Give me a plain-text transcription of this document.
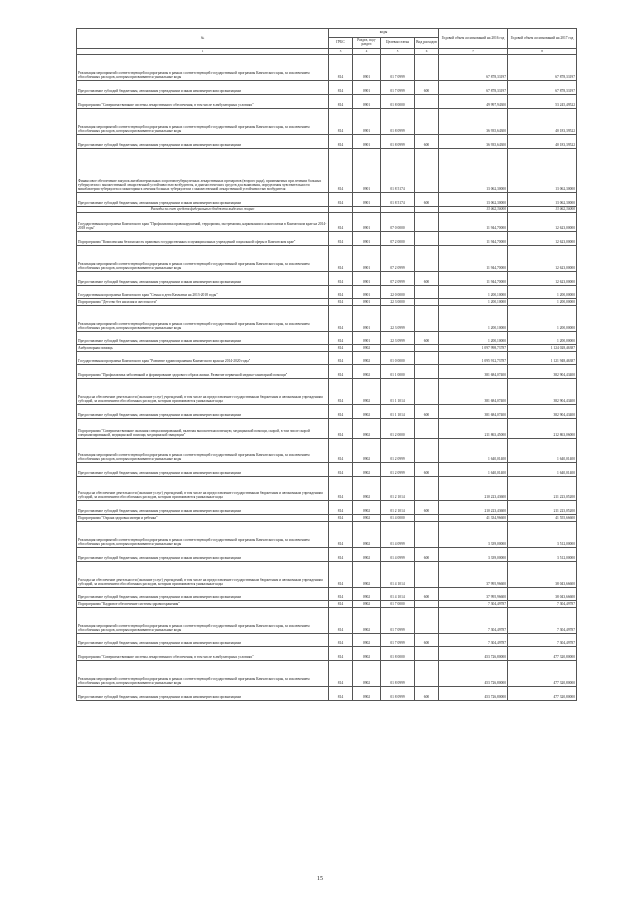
№	коды				Годовой объем ассигнований на 2016 год	Годовой объем ассигнований на 2017 год
	ГРБС	Раздел, под-раздел	Целевая статья	Вид расходов		
1	3	4	5	6	7	8
Реализация мероприятий соответствующей подпрограммы в рамках соответствующей государственной программы Камчатского края, за исключением обособленных расходов, которым присваиваются уникальные коды	814	0901	01 7 0999		67 878,33197	67 878,33197
Предоставление субсидий бюджетным, автономным учреждениям и иным некоммерческим организациям	814	0901	01 7 0999	600	67 878,33197	67 878,33197
Подпрограмма "Совершенствование системы лекарственного обеспечения, в том числе в амбулаторных условиях"	814	0901	01 8 0000		49 997,94300	53 245,49522
Реализация мероприятий соответствующей подпрограммы в рамках соответствующей государственной программы Камчатского края, за исключением обособленных расходов, которым присваиваются уникальные коды	814	0901	01 8 0999		36 935,64300	40 183,39522
Предоставление субсидий бюджетным, автономным учреждениям и иным некоммерческим организациям	814	0901	01 8 0999	600	36 935,64300	40 183,39522
Финансовое обеспечение закупок антибактериальных и противотуберкулезных лекарственных препаратов (второго ряда), применяемых при лечении больных туберкулезом с множественной лекарственной устойчивостью возбудителя, и диагностических средств для выявления, определения чувствительности микобактерии туберкулеза и мониторинга лечения больных туберкулезом с множественной лекарственной устойчивостью возбудителя	814	0901	01 8 5174		13 062,30000	13 062,30000
Предоставление субсидий бюджетным, автономным учреждениям и иным некоммерческим организациям	814	0901	01 8 5174	600	13 062,30000	13 062,30000
Расходы за счет средств федерального бюджета выделено жирно					13 062,30000	13 062,30000
Государственная программа Камчатского края "Профилактика правонарушений, терроризма, экстремизма, наркомании и алкоголизма в Камчатском крае на 2014-2018 годы"	814	0901	07 0 0000		11 944,70000	12 623,00000
Подпрограмма "Комплексная безопасность правовых государственных и муниципальных учреждений социальной сферы в Камчатском крае"	814	0901	07 2 0000		11 944,70000	12 623,00000
Реализация мероприятий соответствующей подпрограммы в рамках соответствующей государственной программы Камчатского края, за исключением обособленных расходов, которым присваиваются уникальные коды	814	0901	07 2 0999		11 944,70000	12 623,00000
Предоставление субсидий бюджетным, автономным учреждениям и иным некоммерческим организациям	814	0901	07 2 0999	600	11 944,70000	12 623,00000
Государственная программа Камчатского края "Семья и дети Камчатки на 2013-2018 годы"	814	0901	22 0 0000		1 200,10000	1 200,00000
Подпрограмма "Детство без насилия и жестокости"	814	0901	22 3 0000		1 200,10000	1 200,00000
Реализация мероприятий соответствующей подпрограммы в рамках соответствующей государственной программы Камчатского края, за исключением обособленных расходов, которым присваиваются уникальные коды	814	0901	22 3 0999		1 200,10000	1 200,00000
Предоставление субсидий бюджетным, автономным учреждениям и иным некоммерческим организациям	814	0901	22 3 0999	600	1 200,10000	1 200,00000
Амбулаторная помощь	814	0902			1 097 998,73787	1 124 028,46387
Государственная программа Камчатского края "Развитие здравоохранения Камчатского края на 2014-2020 годы"	814	0902	01 0 0000		1 095 912,73787	1 121 948,46387
Подпрограмма "Профилактика заболеваний и формирование здорового образа жизни. Развитие первичной медико-санитарной помощи"	814	0902	01 1 0000		381 684,07400	382 904,43400
Расходы на обеспечение деятельности (оказание услуг) учреждений, в том числе на предоставление государственным бюджетным и автономным учреждениям субсидий, за исключением обособленных расходов, которым присваиваются уникальные коды	814	0902	01 1 1014		381 684,07400	382 904,43400
Предоставление субсидий бюджетным, автономным учреждениям и иным некоммерческим организациям	814	0902	01 1 1014	600	381 684,07400	382 904,43400
Подпрограмма "Совершенствование оказания специализированной, включая высокотехнологичную, медицинской помощи, скорой, в том числе скорой специализированной, медицинской помощи, медицинской эвакуации"	814	0902	01 2 0000		211 863,45000	212 863,06000
Реализация мероприятий соответствующей подпрограммы в рамках соответствующей государственной программы Камчатского края, за исключением обособленных расходов, которым присваиваются уникальные коды	814	0902	01 2 0999		1 640,01400	1 640,01400
Предоставление субсидий бюджетным, автономным учреждениям и иным некоммерческим организациям	814	0902	01 2 0999	600	1 640,01400	1 640,01400
Расходы на обеспечение деятельности (оказание услуг) учреждений, в том числе на предоставление государственным бюджетным и автономным учреждениям субсидий, за исключением обособленных расходов, которым присваиваются уникальные коды	814	0902	01 2 1014		210 223,43600	211 223,05200
Предоставление субсидий бюджетным, автономным учреждениям и иным некоммерческим организациям	814	0902	01 2 1014	600	210 223,43600	211 223,05200
Подпрограмма "Охрана здоровья матери и ребенка"	814	0902	01 4 0000		41 334,96600	41 555,66600
Реализация мероприятий соответствующей подпрограммы в рамках соответствующей государственной программы Камчатского края, за исключением обособленных расходов, которым присваиваются уникальные коды	814	0902	01 4 0999		3 339,00000	3 512,00000
Предоставление субсидий бюджетным, автономным учреждениям и иным некоммерческим организациям	814	0902	01 4 0999	600	3 339,00000	3 512,00000
Расходы на обеспечение деятельности (оказание услуг) учреждений, в том числе на предоставление государственным бюджетным и автономным учреждениям субсидий, за исключением обособленных расходов, которым присваиваются уникальные коды	814	0902	01 4 1014		37 995,96600	38 043,66600
Предоставление субсидий бюджетным, автономным учреждениям и иным некоммерческим организациям	814	0902	01 4 1014	600	37 995,96600	38 043,66600
Подпрограмма "Кадровое обеспечение системы здравоохранения"	814	0902	01 7 0000		7 304,49787	7 304,49787
Реализация мероприятий соответствующей подпрограммы в рамках соответствующей государственной программы Камчатского края, за исключением обособленных расходов, которым присваиваются уникальные коды	814	0902	01 7 0999		7 304,49787	7 304,49787
Предоставление субсидий бюджетным, автономным учреждениям и иным некоммерческим организациям	814	0902	01 7 0999	600	7 304,49787	7 304,49787
Подпрограмма "Совершенствование системы лекарственного обеспечения, в том числе в амбулаторных условиях"	814	0902	01 8 0000		453 726,80000	477 320,80000
Реализация мероприятий соответствующей подпрограммы в рамках соответствующей государственной программы Камчатского края, за исключением обособленных расходов, которым присваиваются уникальные коды	814	0902	01 8 0999		453 726,80000	477 320,80000
Предоставление субсидий бюджетным, автономным учреждениям и иным некоммерческим организациям	814	0902	01 8 0999	600	453 726,80000	477 320,80000
15
